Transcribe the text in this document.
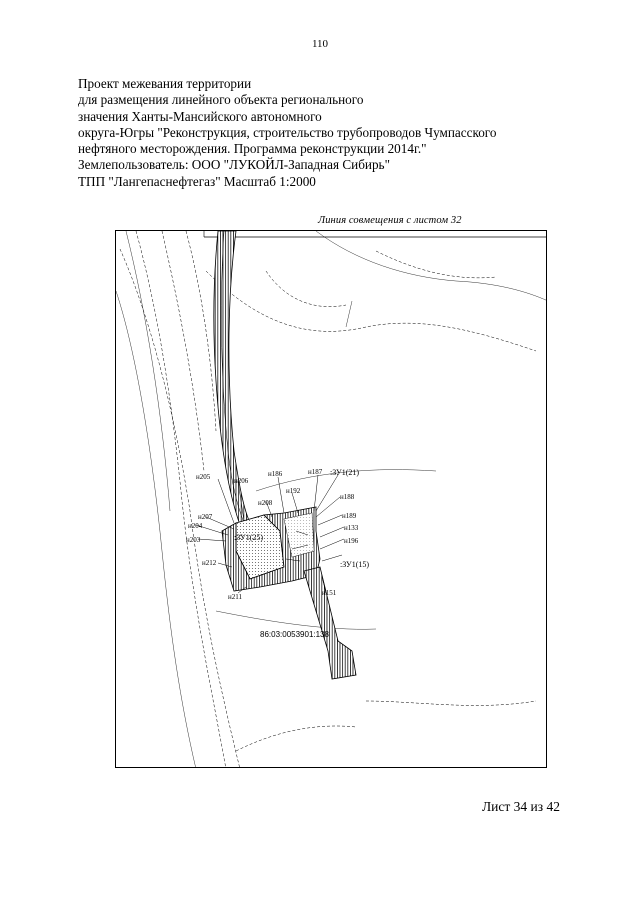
110
Проект межевания территории
для размещения линейного объекта регионального
значения Ханты-Мансийского автономного
округа-Югры "Реконструкция, строительство трубопроводов Чумпасского
нефтяного месторождения. Программа реконструкции 2014г."
Землепользователь: ООО "ЛУКОЙЛ-Западная Сибирь"
ТПП "Лангепаснефтегаз" Масштаб 1:2000
Линия совмещения с листом 32
н205	н206
н186	н187 :ЗУ1(21)
н192
н188
н208
н207	н189
н204	н133
н203	:ЗУ1(25)	н196
:ЗУ1(15)
н212
н211	н151
86:03:0053901:138
Лист 34 из 42
